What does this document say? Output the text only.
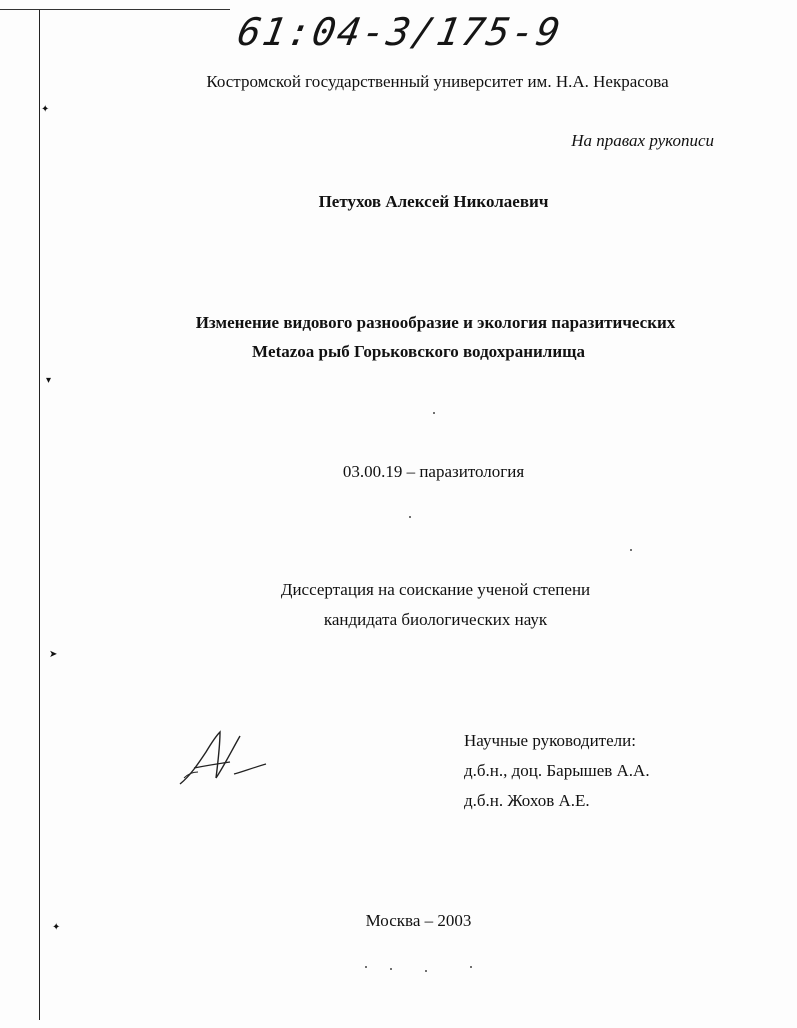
✦
▾
➤
✦
61:04-3/175-9
Костромской государственный университет им. Н.А. Некрасова
На правах рукописи
Петухов Алексей Николаевич
Изменение видового разнообразие и экология паразитических
Metazoa рыб Горьковского водохранилища
03.00.19 – паразитология
Диссертация на соискание ученой степени
кандидата биологических наук
Научные руководители:
д.б.н., доц. Барышев А.А.
д.б.н. Жохов А.Е.
Москва – 2003
